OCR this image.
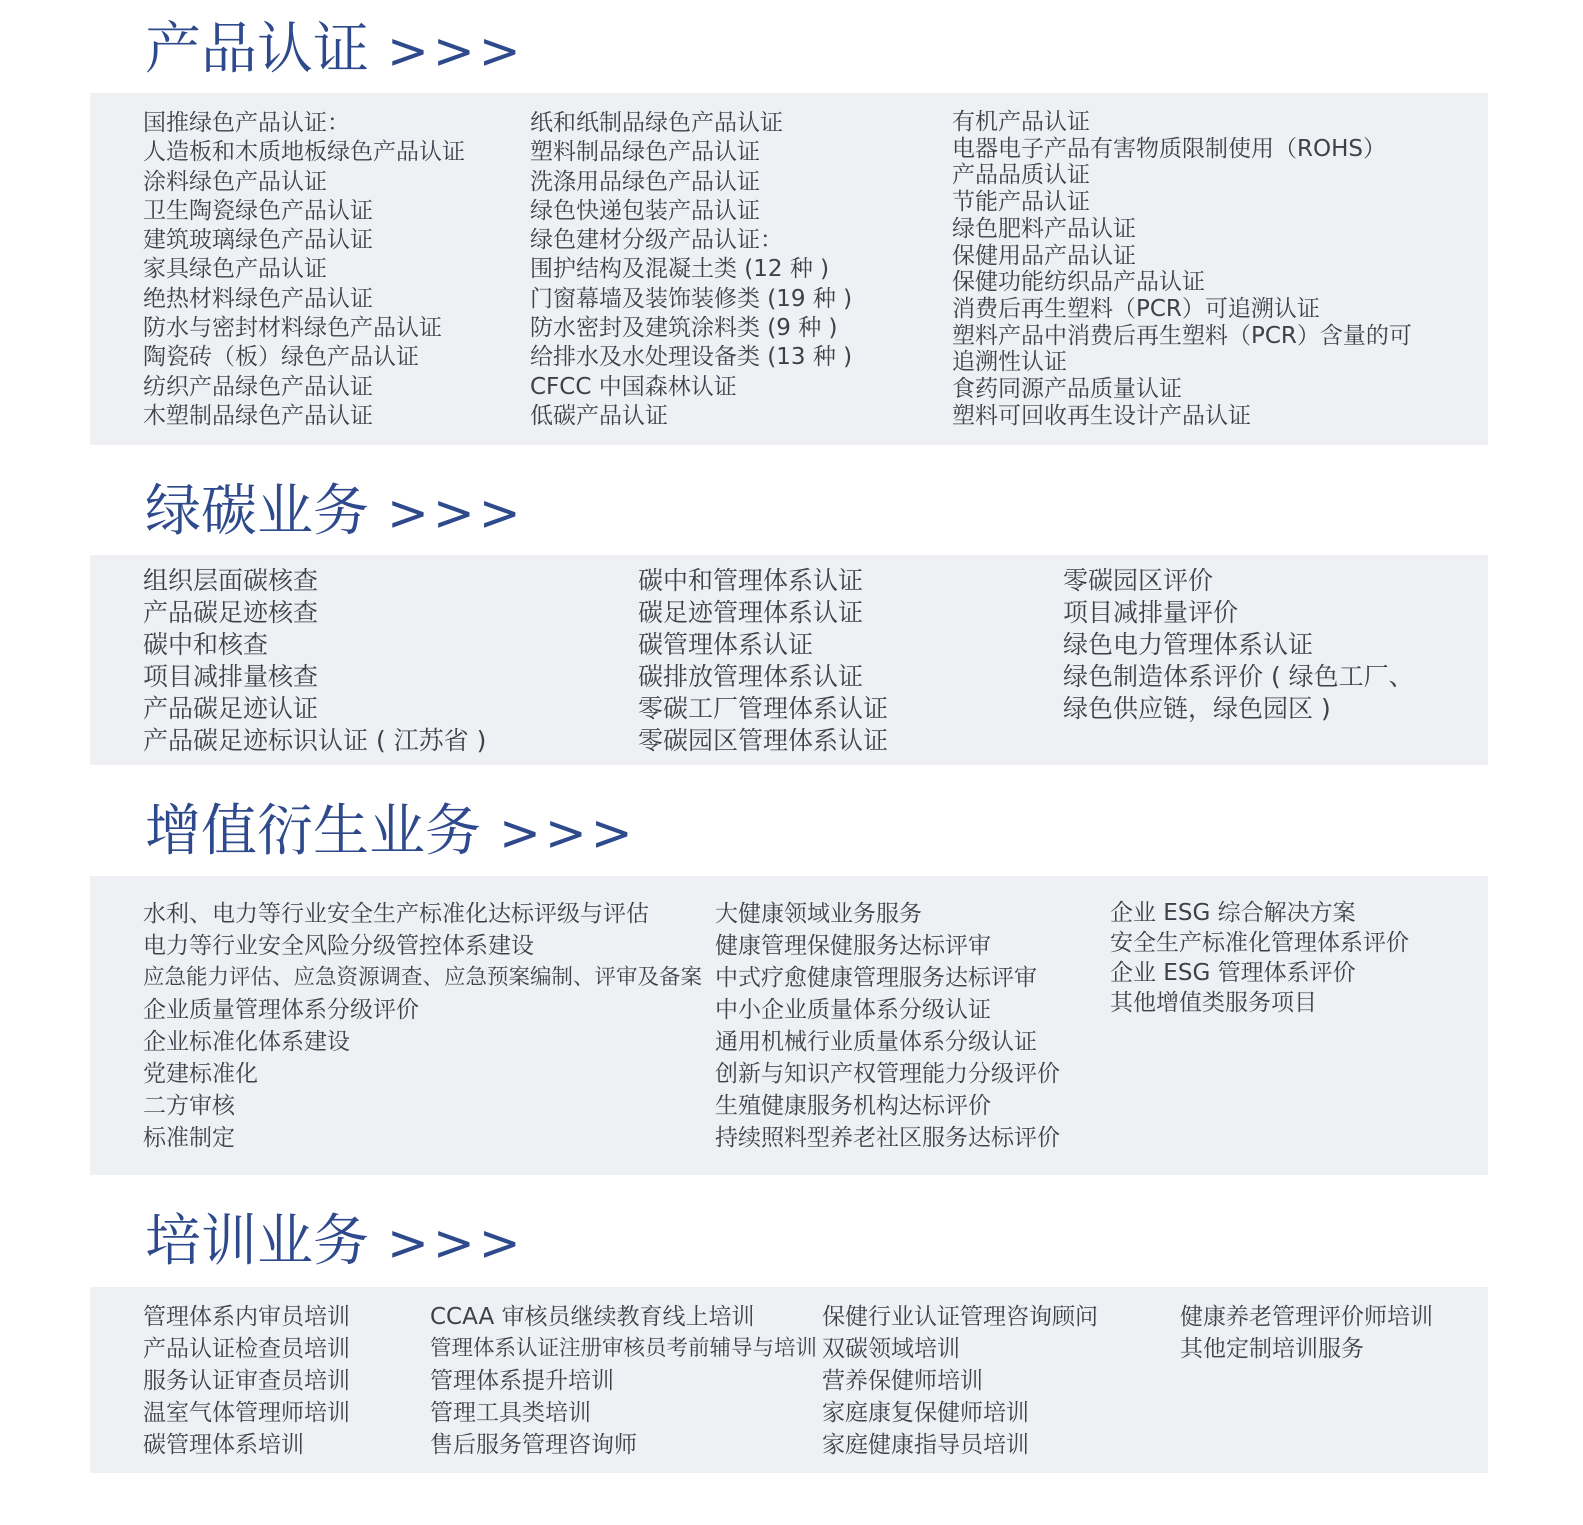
产品认证 >>>
国推绿色产品认证：
人造板和木质地板绿色产品认证
涂料绿色产品认证
卫生陶瓷绿色产品认证
建筑玻璃绿色产品认证
家具绿色产品认证
绝热材料绿色产品认证
防水与密封材料绿色产品认证
陶瓷砖（板）绿色产品认证
纺织产品绿色产品认证
木塑制品绿色产品认证
纸和纸制品绿色产品认证
塑料制品绿色产品认证
洗涤用品绿色产品认证
绿色快递包装产品认证
绿色建材分级产品认证：
围护结构及混凝土类 (12 种 )
门窗幕墙及装饰装修类 (19 种 )
防水密封及建筑涂料类 (9 种 )
给排水及水处理设备类 (13 种 )
CFCC 中国森林认证
低碳产品认证
有机产品认证
电器电子产品有害物质限制使用（ROHS）
产品品质认证
节能产品认证
绿色肥料产品认证
保健用品产品认证
保健功能纺织品产品认证
消费后再生塑料（PCR）可追溯认证
塑料产品中消费后再生塑料（PCR）含量的可
追溯性认证
食药同源产品质量认证
塑料可回收再生设计产品认证
绿碳业务 >>>
组织层面碳核查
产品碳足迹核查
碳中和核查
项目减排量核查
产品碳足迹认证
产品碳足迹标识认证 ( 江苏省 )
碳中和管理体系认证
碳足迹管理体系认证
碳管理体系认证
碳排放管理体系认证
零碳工厂管理体系认证
零碳园区管理体系认证
零碳园区评价
项目减排量评价
绿色电力管理体系认证
绿色制造体系评价 ( 绿色工厂、
绿色供应链，绿色园区 )
增值衍生业务 >>>
水利、电力等行业安全生产标准化达标评级与评估
电力等行业安全风险分级管控体系建设
应急能力评估、应急资源调查、应急预案编制、评审及备案
企业质量管理体系分级评价
企业标准化体系建设
党建标准化
二方审核
标准制定
大健康领域业务服务
健康管理保健服务达标评审
中式疗愈健康管理服务达标评审
中小企业质量体系分级认证
通用机械行业质量体系分级认证
创新与知识产权管理能力分级评价
生殖健康服务机构达标评价
持续照料型养老社区服务达标评价
企业 ESG 综合解决方案
安全生产标准化管理体系评价
企业 ESG 管理体系评价
其他增值类服务项目
培训业务 >>>
管理体系内审员培训
产品认证检查员培训
服务认证审查员培训
温室气体管理师培训
碳管理体系培训
CCAA 审核员继续教育线上培训
管理体系认证注册审核员考前辅导与培训
管理体系提升培训
管理工具类培训
售后服务管理咨询师
保健行业认证管理咨询顾问
双碳领域培训
营养保健师培训
家庭康复保健师培训
家庭健康指导员培训
健康养老管理评价师培训
其他定制培训服务
